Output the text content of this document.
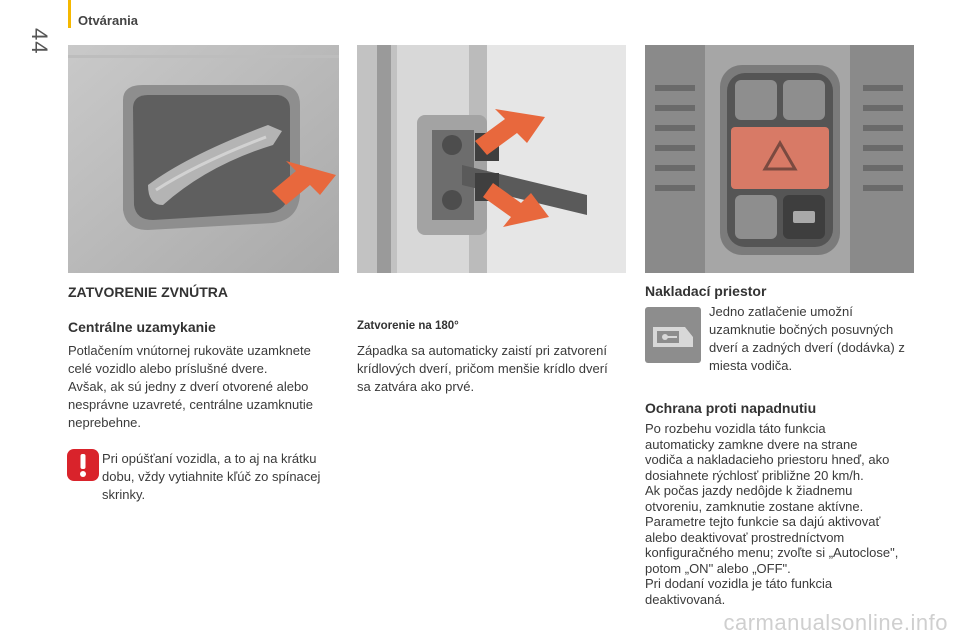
44
Otvárania
ZATVORENIE ZVNÚTRA
Centrálne uzamykanie

Potlačením vnútornej rukoväte uzamknete

celé vozidlo alebo príslušné dvere.

Avšak, ak sú jedny z dverí otvorené alebo

nesprávne uzavreté, centrálne uzamknutie

neprebehne.

Pri opúšťaní vozidla, a to aj na krátku

dobu, vždy vytiahnite kľúč zo spínacej

skrinky.

Zatvorenie na 180°

Západka sa automaticky zaistí pri zatvorení

krídlových dverí, pričom menšie krídlo dverí

sa zatvára ako prvé.

Nakladací priestor

Jedno zatlačenie umožní

uzamknutie bočných posuvných

dverí a zadných dverí (dodávka) z

miesta vodiča.

Ochrana proti napadnutiu

Po rozbehu vozidla táto funkcia

automaticky zamkne dvere na strane

vodiča a nakladacieho priestoru hneď, ako

dosiahnete rýchlosť približne 20 km/h.

Ak počas jazdy nedôjde k žiadnemu

otvoreniu, zamknutie zostane aktívne.

Parametre tejto funkcie sa dajú aktivovať

alebo deaktivovať prostredníctvom

konfiguračného menu; zvoľte si „Autoclose",

potom „ON" alebo „OFF".

Pri dodaní vozidla je táto funkcia

deaktivovaná.

carmanualsonline.info
